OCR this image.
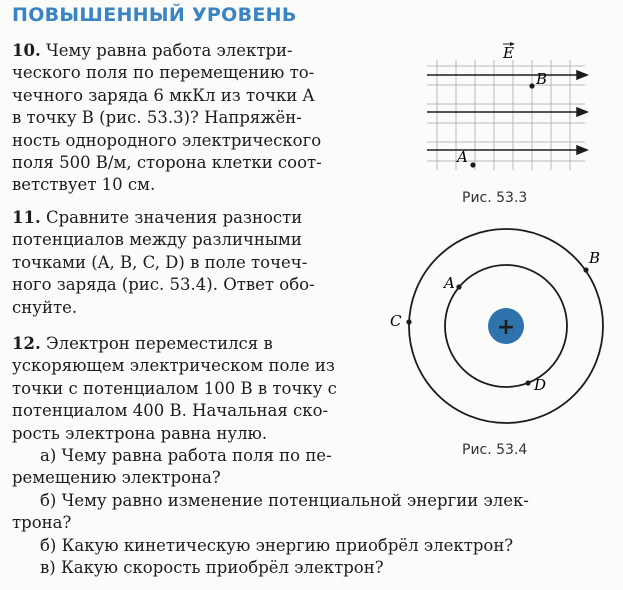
ПОВЫШЕННЫЙ УРОВЕНЬ
10. Чему равна работа электри-
ческого поля по перемещению то-
чечного заряда 6 мкКл из точки A
в точку B (рис. 53.3)? Напряжён-
ность однородного электрического
поля 500 В/м, сторона клетки соот-
ветствует 10 см.
11. Сравните значения разности
потенциалов между различными
точками (A, B, C, D) в поле точеч-
ного заряда (рис. 53.4). Ответ обо-
снуйте.
12. Электрон переместился в
ускоряющем электрическом поле из
точки с потенциалом 100 В в точку с
потенциалом 400 В. Начальная ско-
рость электрона равна нулю.
а) Чему равна работа поля по пе-
ремещению электрона?
б) Чему равно изменение потенциальной энергии элек-
трона?
б) Какую кинетическую энергию приобрёл электрон?
в) Какую скорость приобрёл электрон?
E
B
A
Рис. 53.3
+
A
B
C
D
Рис. 53.4
